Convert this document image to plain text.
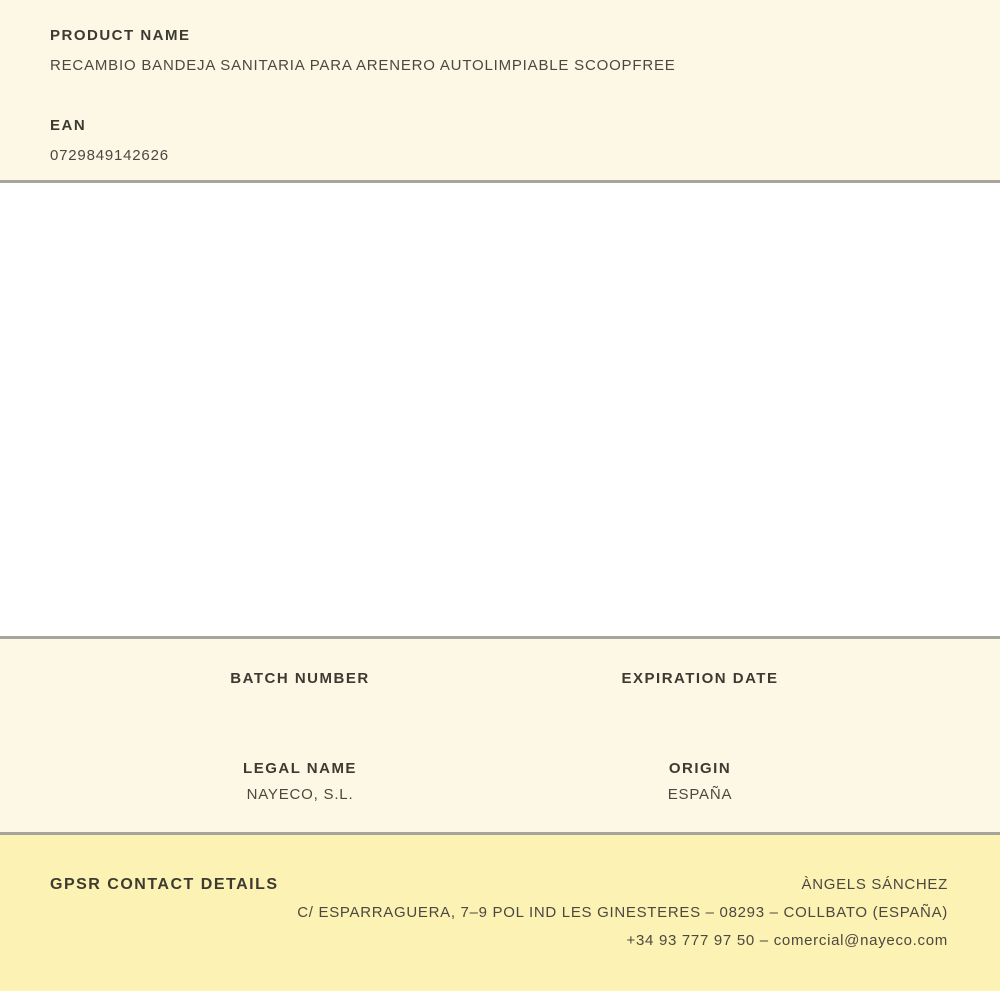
PRODUCT NAME
RECAMBIO BANDEJA SANITARIA PARA ARENERO AUTOLIMPIABLE SCOOPFREE
EAN
0729849142626
BATCH NUMBER
LEGAL NAME
NAYECO, S.L.
EXPIRATION DATE
ORIGIN
ESPAÑA
GPSR CONTACT DETAILS	ÀNGELS SÁNCHEZ
C/ ESPARRAGUERA, 7–9 POL IND LES GINESTERES – 08293 – COLLBATO (ESPAÑA)
+34 93 777 97 50 – comercial@nayeco.com
